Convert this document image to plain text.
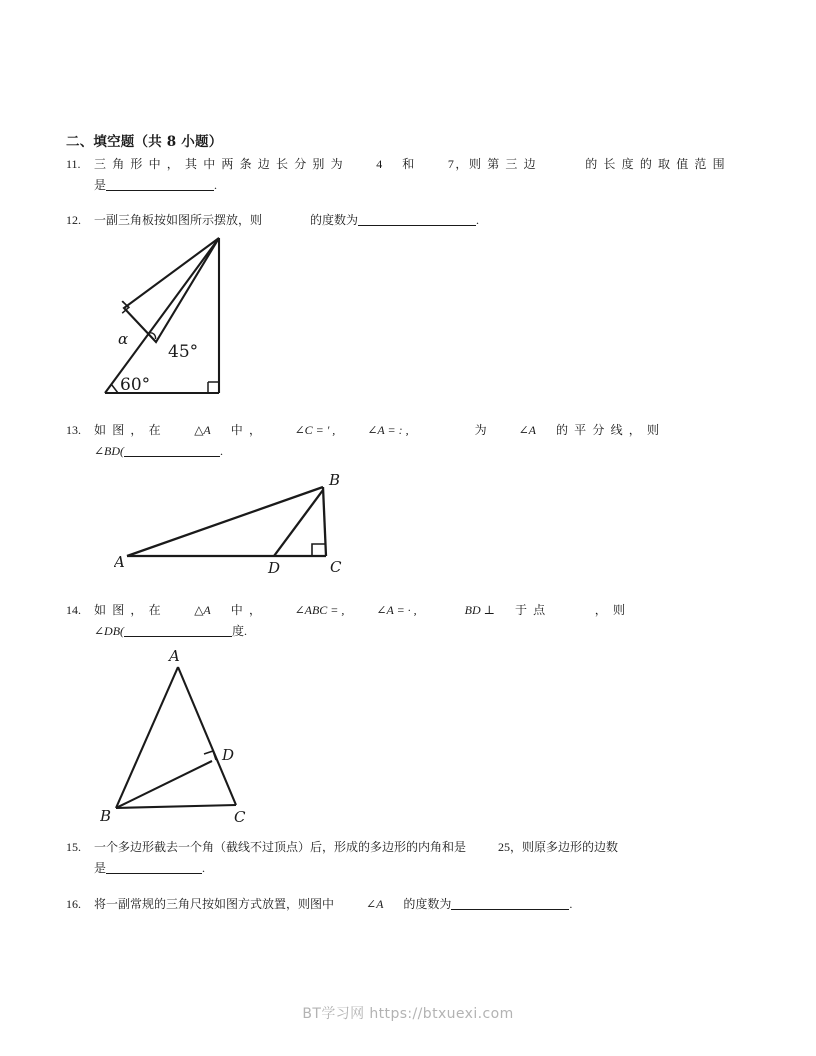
二、填空题（共 8 小题）
11.	三 角 形 中 ， 其 中 两 条 边 长 分 别 为	4 和	7，则 第 三 边	的 长 度 的 取 值 范 围
是	.
12.	一副三角板按如图所示摆放，则	的度数为	.
α
45°
60°
13.	如 图 ， 在	△A 中 ，	∠C = ' ,	∠A = : ,	为	∠A 的 平 分 线 ， 则
∠BD(	.
A
B
C
D
14.	如 图 ， 在	△A 中 ，	∠ABC = ,	∠A = · ,	BD ⊥ 于 点	， 则
∠DB(	度.
A
B	C
D
15.	一个多边形截去一个角（截线不过顶点）后，形成的多边形的内角和是	25，则原多边形的边数
是	.
16.	将一副常规的三角尺按如图方式放置，则图中	∠A 的度数为	.
BT学习网 https://btxuexi.com
